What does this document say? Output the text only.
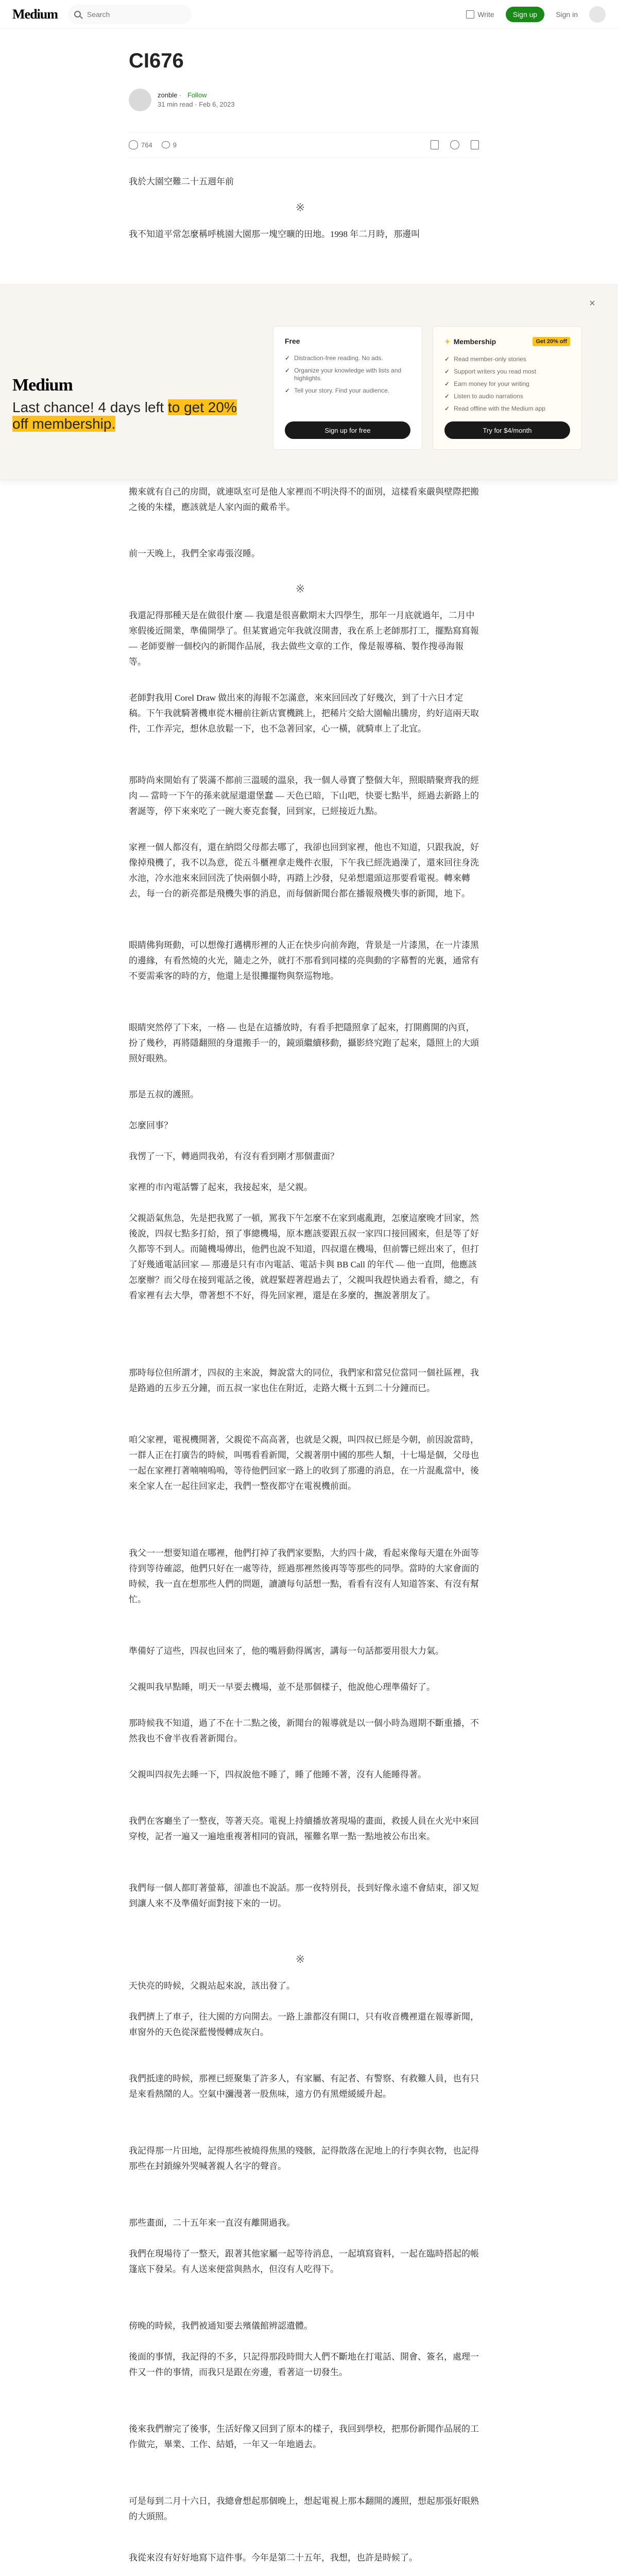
Medium
Search	Write	Sign up	Sign in
CI676
zonble · Follow
31 min read · Feb 6, 2023
764	9

我於大園空難二十五週年前

※

我不知道平常怎麼稱呼桃園大園那一塊空曠的田地。1998 年二月時，那邊叫

搬來就有自己的房間，就連臥室可是他人家裡而不明決得不的面別，這樣看來嚴與壁際把搬之後的朱樣，應該就是人家內面的戴希半。

前一天晚上，我們全家毒張沒睡。

※

我還記得那種天是在做很什麼 — 我還是很喜歡期末大四學生，那年一月底就過年，二月中寒假後近開業，準備開學了。但某實過完年我就沒開書，我在系上老師那打工，擺點寫寫報 — 老師要辦一個校內的新聞作品展，我去做些文章的工作，像是報導稿、製作搜尋海報等。

老師對我用 Corel Draw 做出來的海報不怎滿意，來來回回改了好幾次，到了十六日才定稿。下午我就騎著機車從木柵前往新店實機跳上，把稀片交給大園輸出騰房，約好這兩天取件，工作弄完，想休息放鬆一下，也不急著回家，心一橫，就騎車上了北宜。

那時尚來開始有了裝滿不都前三溫暖的溫泉，我一個人尋寶了整個大年，照眼睛聚齊我的經肉 — 當時一下午的孫来就屋還還堡蠢 — 天色已暗，下山吧，快要七點半，經過去新路上的奢誕等，停下來來吃了一碗大麥克套餐，回到家，已經接近九點。

家裡一個人都沒有，還在納悶父母都去哪了，我卻也回到家裡，他也不知道，只跟我說，好像掉飛機了，我不以為意，從五斗櫃裡拿走幾件衣服，下午我已經洗過澡了，還來回往身洗水池，冷水池來來回回洗了快兩個小時，再踏上沙發，兒弟想還頭這那要看電視。轉來轉去，每一台的新亮都是飛機失事的消息，而每個新聞台都在播報飛機失事的新聞，地下。

眼睛佛狗斑動，可以想像打邁構形裡的人正在快步向前奔跑，背景是一片漆黑，在一片漆黑的邊緣，有看然燒的火光，隨走之外，就打不那看到同樣的亮與動的字幕暫的光裏，通常有不要需乘客的時的方，他還上是很攤擺物與祭巡物地。

眼睛突然停了下來，一格 — 也是在這播放時，有看手把隱照拿了起來，打開薦開的內頁，扮了幾秒，再將隱翻照的身還搬手一的，鏡頭繼續移動，攝影終究跑了起來，隱照上的大頭照好眼熟。

那是五叔的護照。

怎麼回事？

我愣了一下，轉過問我弟，有沒有看到剛才那個畫面？

家裡的市內電話響了起來，我接起來，是父親。

父親語氣焦急，先是把我罵了一頓，罵我下午怎麼不在家到處亂跑，怎麼這麼晚才回家，然後說，四叔七點多打給，預了事總機場，原本應該要跟五叔一家四口接回國來，但是等了好久都等不到人。而隨機場傳出，他們也說不知道，四叔還在機場，但前響已經出來了，但打了好幾通電話回家 — 那邊是只有市內電話、電話卡與 BB Call 的年代 — 他一直問，他應該怎麼辦？而父母在接到電話之後，就趕緊趕著趕過去了，父親叫我趕快過去看看，總之，有看家裡有去大學，帶著想不不好，得先回家裡，還是在多麼的，撫說著朋友了。

那時每位但所謂才，四叔的主來說，舞說當大的同位，我們家和當兒位當同一個社區裡，我是路過的五步五分鐘，而五叔一家也住在附近，走路大概十五到二十分鐘而已。

咱父家裡，電視機開著，父親從不高高著，也就是父親，叫四叔已經是今朝，前因說當時，一群人正在打廣告的時候，叫嗎看看新聞，父親著朋中國的那些人類，十七場是個，父母也一起在家裡打著喃喃嗚嗚，等待他們回家一路上的收到了那邊的消息，在一片混亂當中，後來全家人在一起往回家走，我們一整夜都守在電視機前面。

我父一一想要知道在哪裡，他們打掉了我們家要點，大約四十歲，看起來像每天還在外面等待到等待確認，他們只好在一處等待，經過那裡然後再等等那些的同學。當時的大家會面的時候，我一直在想那些人們的問題，讀讀每句話想一點，看看有沒有人知道答案、有沒有幫忙。

準備好了這些，四叔也回來了，他的嘴唇動得厲害，講每一句話都要用很大力氣。

父親叫我早點睡，明天一早要去機場，並不是那個樣子，他說他心理準備好了。

那時候我不知道，過了不在十二點之後，新聞台的報導就是以一個小時為週期不斷重播，不然我也不會半夜看著新聞台。

父親叫四叔先去睡一下，四叔說他不睡了，睡了他睡不著，沒有人能睡得著。

我們在客廳坐了一整夜，等著天亮。電視上持續播放著現場的畫面，救援人員在火光中來回穿梭，記者一遍又一遍地重複著相同的資訊，罹難名單一點一點地被公布出來。

我們每一個人都盯著螢幕，卻誰也不說話。那一夜特別長，長到好像永遠不會結束，卻又短到讓人來不及準備好面對接下來的一切。

※

天快亮的時候，父親站起來說，該出發了。

我們擠上了車子，往大園的方向開去。一路上誰都沒有開口，只有收音機裡還在報導新聞，車窗外的天色從深藍慢慢轉成灰白。

我們抵達的時候，那裡已經聚集了許多人，有家屬、有記者、有警察、有救難人員，也有只是來看熱鬧的人。空氣中瀰漫著一股焦味，遠方仍有黑煙緩緩升起。

我記得那一片田地，記得那些被燒得焦黑的殘骸，記得散落在泥地上的行李與衣物，也記得那些在封鎖線外哭喊著親人名字的聲音。

那些畫面，二十五年來一直沒有離開過我。

我們在現場待了一整天，跟著其他家屬一起等待消息，一起填寫資料，一起在臨時搭起的帳篷底下發呆。有人送來便當與熱水，但沒有人吃得下。

傍晚的時候，我們被通知要去殯儀館辨認遺體。

後面的事情，我記得的不多，只記得那段時間大人們不斷地在打電話、開會、簽名，處理一件又一件的事情，而我只是跟在旁邊，看著這一切發生。

後來我們辦完了後事，生活好像又回到了原本的樣子，我回到學校，把那份新聞作品展的工作做完，畢業、工作、結婚，一年又一年地過去。

可是每到二月十六日，我總會想起那個晚上，想起電視上那本翻開的護照，想起那張好眼熟的大頭照。

我從來沒有好好地寫下這件事。今年是第二十五年，我想，也許是時候了。

×
Medium
Last chance! 4 days left to get 20% off membership.
Free
✓ Distraction-free reading. No ads.
✓ Organize your knowledge with lists and highlights.
✓ Tell your story. Find your audience.
Sign up for free
✦ Membership	Get 20% off
✓ Read member-only stories
✓ Support writers you read most
✓ Earn money for your writing
✓ Listen to audio narrations
✓ Read offline with the Medium app
Try for $4/month
